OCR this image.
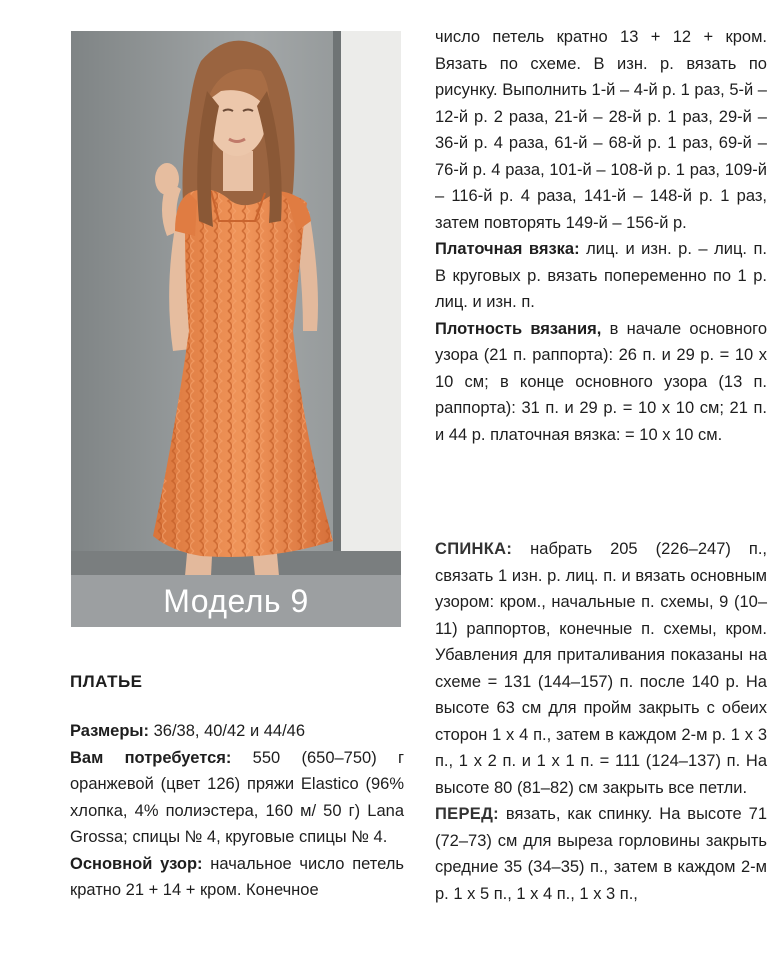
Модель 9
ПЛАТЬЕ

Размеры: 36/38, 40/42 и 44/46

Вам потребуется: 550 (650–750) г оранжевой (цвет 126) пряжи Elastico (96% хлопка, 4% полиэстера, 160 м/ 50 г) Lana Grossa; спицы № 4, круговые спицы № 4.

Основной узор: начальное число петель кратно 21 + 14 + кром. Конечное

число петель кратно 13 + 12 + кром. Вязать по схеме. В изн. р. вязать по рисунку. Выполнить 1-й – 4-й р. 1 раз, 5-й – 12-й р. 2 раза, 21-й – 28-й р. 1 раз, 29-й – 36-й р. 4 раза, 61-й – 68-й р. 1 раз, 69-й – 76-й р. 4 раза, 101-й – 108-й р. 1 раз, 109-й – 116-й р. 4 раза, 141-й – 148-й р. 1 раз, затем повторять 149-й – 156-й р.

Платочная вязка: лиц. и изн. р. – лиц. п. В круговых р. вязать попеременно по 1 р. лиц. и изн. п.

Плотность вязания, в начале основного узора (21 п. раппорта): 26 п. и 29 р. = 10 х 10 см; в конце основного узора (13 п. раппорта): 31 п. и 29 р. = 10 х 10 см; 21 п. и 44 р. платочная вязка: = 10 х 10 см.

СПИНКА: набрать 205 (226–247) п., связать 1 изн. р. лиц. п. и вязать основным узором: кром., начальные п. схемы, 9 (10–11) раппортов, конечные п. схемы, кром. Убавления для приталивания показаны на схеме = 131 (144–157) п. после 140 р. На высоте 63 см для пройм закрыть с обеих сторон 1 х 4 п., затем в каждом 2-м р. 1 х 3 п., 1 х 2 п. и 1 х 1 п. = 111 (124–137) п. На высоте 80 (81–82) см закрыть все петли.

ПЕРЕД: вязать, как спинку. На высоте 71 (72–73) см для выреза горловины закрыть средние 35 (34–35) п., затем в каждом 2-м р. 1 х 5 п., 1 х 4 п., 1 х 3 п.,
